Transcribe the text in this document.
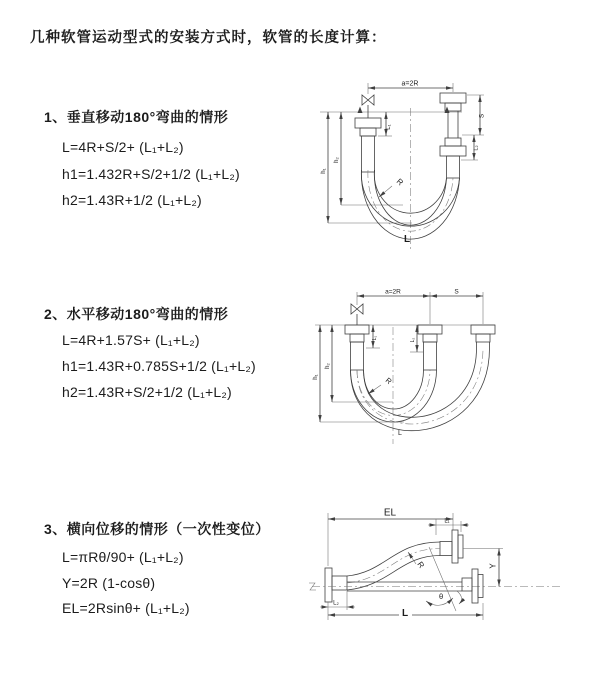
几种软管运动型式的安装方式时，软管的长度计算：
1、垂直移动180°弯曲的情形
L=4R+S/2+ (L₁+L₂)
h1=1.432R+S/2+1/2 (L₁+L₂)
h2=1.43R+1/2 (L₁+L₂)
2、水平移动180°弯曲的情形
L=4R+1.57S+ (L₁+L₂)
h1=1.43R+0.785S+1/2 (L₁+L₂)
h2=1.43R+S/2+1/2 (L₁+L₂)
3、横向位移的情形（一次性变位）
L=πRθ/90+ (L₁+L₂)
Y=2R (1-cosθ)
EL=2Rsinθ+ (L₁+L₂)
a=2R
L₁
S
L₂
h₂
h₁
R
L
a=2R	S
L₁	L₂
h₂
h₁	R
L
EL
L₁
Y
L
L₂
θ
R
